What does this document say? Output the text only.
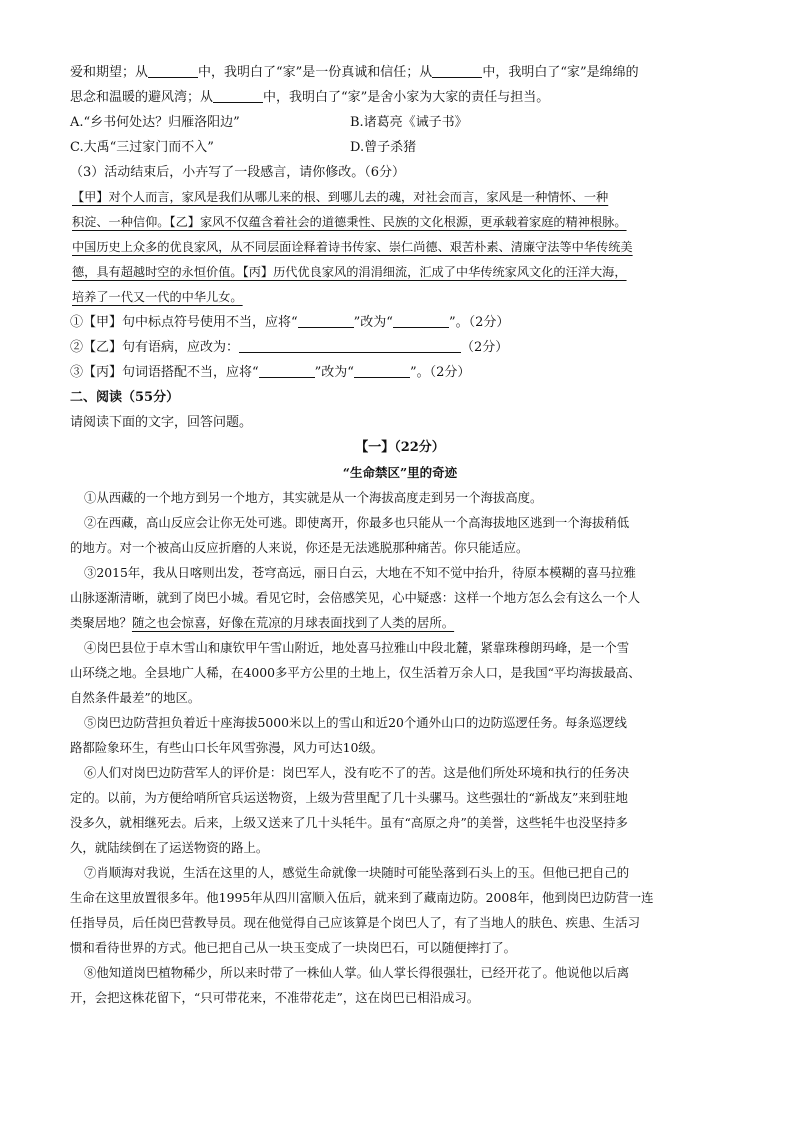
爱和期望；从	中，我明白了“家”是一份真诚和信任；从	中，我明白了“家”是绵绵的
思念和温暖的避风湾；从	中，我明白了“家”是舍小家为大家的责任与担当。
A.“乡书何处达？归雁洛阳边”	B.诸葛亮《诫子书》
C.大禹“三过家门而不入”	D.曾子杀猪
（3）活动结束后，小卉写了一段感言，请你修改。（6分）
【甲】对个人而言，家风是我们从哪儿来的根、到哪儿去的魂，对社会而言，家风是一种情怀、一种
积淀、一种信仰。【乙】家风不仅蕴含着社会的道德秉性、民族的文化根源，更承载着家庭的精神根脉。
中国历史上众多的优良家风，从不同层面诠释着诗书传家、崇仁尚德、艰苦朴素、清廉守法等中华传统美
德，具有超越时空的永恒价值。【丙】历代优良家风的涓涓细流，汇成了中华传统家风文化的汪洋大海，
培养了一代又一代的中华儿女。
①【甲】句中标点符号使用不当，应将“	”改为“	”。（2分）
②【乙】句有语病，应改为：	（2分）
③【丙】句词语搭配不当，应将“	”改为“	”。（2分）
二、阅读（55分）
请阅读下面的文字，回答问题。
【一】（22分）
“生命禁区”里的奇迹
①从西藏的一个地方到另一个地方，其实就是从一个海拔高度走到另一个海拔高度。
②在西藏，高山反应会让你无处可逃。即使离开，你最多也只能从一个高海拔地区逃到一个海拔稍低
的地方。对一个被高山反应折磨的人来说，你还是无法逃脱那种痛苦。你只能适应。
③2015年，我从日喀则出发，苍穹高远，丽日白云，大地在不知不觉中抬升，待原本模糊的喜马拉雅
山脉逐渐清晰，就到了岗巴小城。看见它时，会倍感笑见，心中疑惑：这样一个地方怎么会有这么一个人
类聚居地？随之也会惊喜，好像在荒凉的月球表面找到了人类的居所。
④岗巴县位于卓木雪山和康钦甲午雪山附近，地处喜马拉雅山中段北麓，紧靠珠穆朗玛峰，是一个雪
山环绕之地。全县地广人稀，在4000多平方公里的土地上，仅生活着万余人口，是我国“平均海拔最高、
自然条件最差”的地区。
⑤岗巴边防营担负着近十座海拔5000米以上的雪山和近20个通外山口的边防巡逻任务。每条巡逻线
路都险象环生，有些山口长年风雪弥漫，风力可达10级。
⑥人们对岗巴边防营军人的评价是：岗巴军人，没有吃不了的苦。这是他们所处环境和执行的任务决
定的。以前，为方便给哨所官兵运送物资，上级为营里配了几十头骡马。这些强壮的“新战友”来到驻地
没多久，就相继死去。后来，上级又送来了几十头牦牛。虽有“高原之舟”的美誉，这些牦牛也没坚持多
久，就陆续倒在了运送物资的路上。
⑦肖顺海对我说，生活在这里的人，感觉生命就像一块随时可能坠落到石头上的玉。但他已把自己的
生命在这里放置很多年。他1995年从四川富顺入伍后，就来到了藏南边防。2008年，他到岗巴边防营一连
任指导员，后任岗巴营教导员。现在他觉得自己应该算是个岗巴人了，有了当地人的肤色、疾患、生活习
惯和看待世界的方式。他已把自己从一块玉变成了一块岗巴石，可以随便摔打了。
⑧他知道岗巴植物稀少，所以来时带了一株仙人掌。仙人掌长得很强壮，已经开花了。他说他以后离
开，会把这株花留下，“只可带花来，不准带花走”，这在岗巴已相沿成习。
